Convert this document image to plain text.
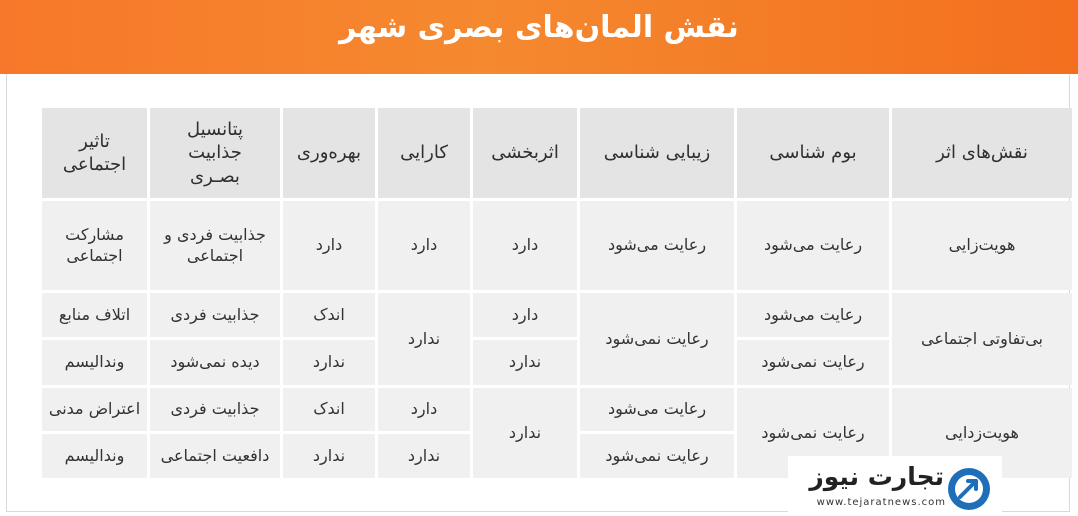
نقش المان‌های بصری شهر
نقش‌های اثر
بوم شناسی
زیبایی شناسی
اثربخشی
کارایی
بهره‌وری
پتانسیل جذابیت بصـری
تاثیر اجتماعی
هویت‌زایی
رعایت می‌شود
رعایت می‌شود
دارد
دارد
دارد
جذابیت فردی و اجتماعی
مشارکت اجتماعی
بی‌تفاوتی اجتماعی
رعایت می‌شود
رعایت نمی‌شود
رعایت نمی‌شود
دارد
ندارد
ندارد
اندک
ندارد
جذابیت فردی
دیده نمی‌شود
اتلاف منابع
وندالیسم
هویت‌زدایی
رعایت نمی‌شود
رعایت می‌شود
رعایت نمی‌شود
ندارد
دارد
ندارد
اندک
ندارد
جذابیت فردی
دافعیت اجتماعی
اعتراض مدنی
وندالیسم
تجارت نیوز
www.tejaratnews.com
